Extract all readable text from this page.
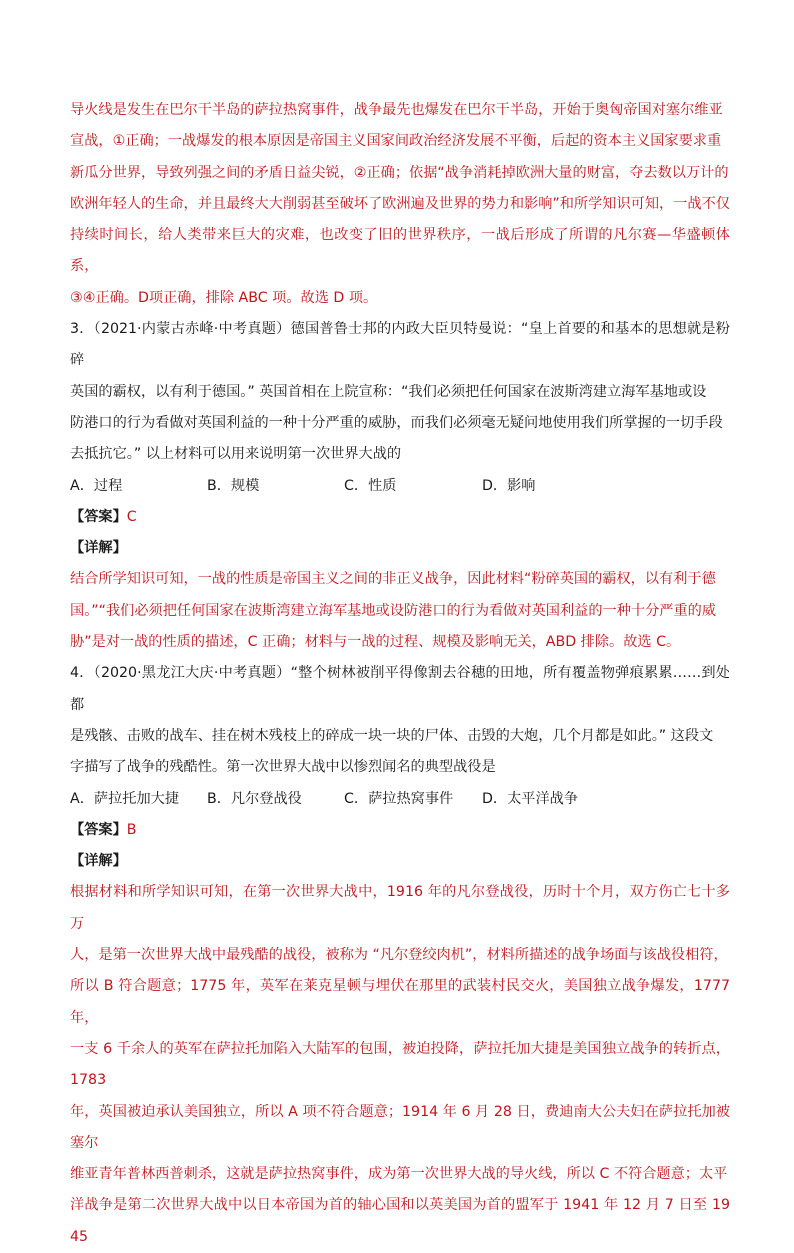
导火线是发生在巴尔干半岛的萨拉热窝事件，战争最先也爆发在巴尔干半岛，开始于奥匈帝国对塞尔维亚

宣战，①正确；一战爆发的根本原因是帝国主义国家间政治经济发展不平衡，后起的资本主义国家要求重

新瓜分世界，导致列强之间的矛盾日益尖锐，②正确；依据“战争消耗掉欧洲大量的财富，夺去数以万计的

欧洲年轻人的生命，并且最终大大削弱甚至破坏了欧洲遍及世界的势力和影响”和所学知识可知，一战不仅

持续时间长，给人类带来巨大的灾难，也改变了旧的世界秩序，一战后形成了所谓的凡尔赛—华盛顿体系，

③④正确。D项正确，排除 ABC 项。故选 D 项。

3．（2021·内蒙古赤峰·中考真题）德国普鲁士邦的内政大臣贝特曼说：“皇上首要的和基本的思想就是粉碎

英国的霸权，以有利于德国。” 英国首相在上院宣称：“我们必须把任何国家在波斯湾建立海军基地或设

防港口的行为看做对英国利益的一种十分严重的威胁，而我们必须毫无疑问地使用我们所掌握的一切手段

去抵抗它。” 以上材料可以用来说明第一次世界大战的

A．过程	B．规模	C．性质	D．影响

【答案】C

【详解】

结合所学知识可知，一战的性质是帝国主义之间的非正义战争，因此材料“粉碎英国的霸权，以有利于德

国。”“我们必须把任何国家在波斯湾建立海军基地或设防港口的行为看做对英国利益的一种十分严重的威

胁”是对一战的性质的描述，C 正确；材料与一战的过程、规模及影响无关，ABD 排除。故选 C。

4．（2020·黑龙江大庆·中考真题）“整个树林被削平得像割去谷穗的田地，所有覆盖物弹痕累累……到处都

是残骸、击败的战车、挂在树木残枝上的碎成一块一块的尸体、击毁的大炮，几个月都是如此。” 这段文

字描写了战争的残酷性。第一次世界大战中以惨烈闻名的典型战役是

A．萨拉托加大捷	B．凡尔登战役	C．萨拉热窝事件	D．太平洋战争

【答案】B

【详解】

根据材料和所学知识可知，在第一次世界大战中，1916 年的凡尔登战役，历时十个月，双方伤亡七十多万

人，是第一次世界大战中最残酷的战役，被称为 “凡尔登绞肉机”，材料所描述的战争场面与该战役相符，

所以 B 符合题意；1775 年，英军在莱克星顿与埋伏在那里的武装村民交火，美国独立战争爆发，1777 年，

一支 6 千余人的英军在萨拉托加陷入大陆军的包围，被迫投降，萨拉托加大捷是美国独立战争的转折点，1783

年，英国被迫承认美国独立，所以 A 项不符合题意；1914 年 6 月 28 日，费迪南大公夫妇在萨拉托加被塞尔

维亚青年普林西普刺杀，这就是萨拉热窝事件，成为第一次世界大战的导火线，所以 C 不符合题意；太平

洋战争是第二次世界大战中以日本帝国为首的轴心国和以英美国为首的盟军于 1941 年 12 月 7 日至 1945
